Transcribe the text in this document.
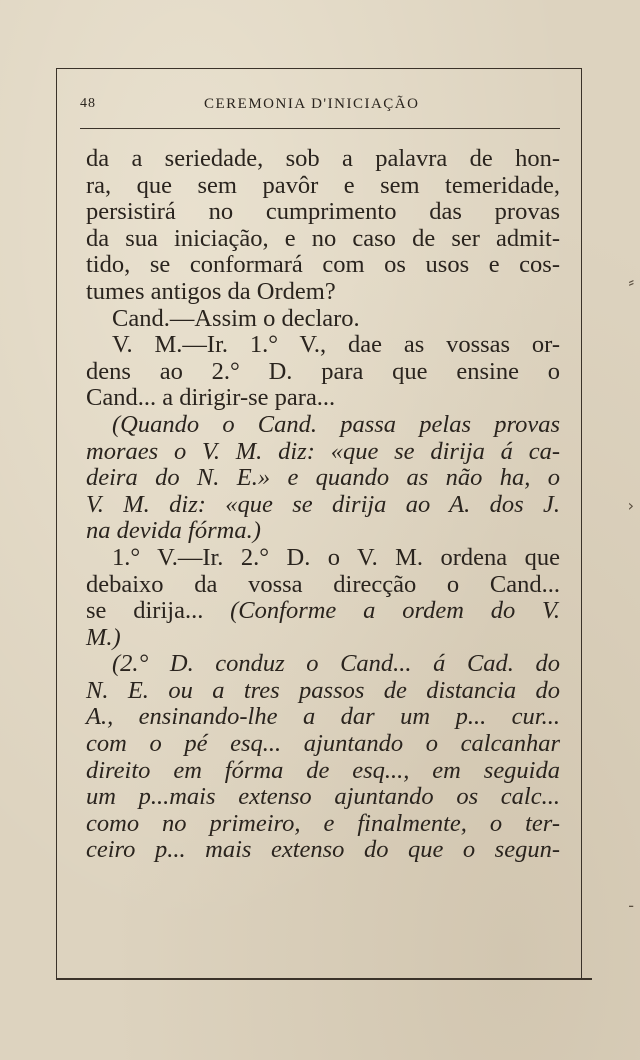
48	CEREMONIA D'INICIAÇÃO
da a seriedade, sob a palavra de hon-
ra, que sem pavôr e sem temeridade,
persistirá no cumprimento das provas
da sua iniciação, e no caso de ser admit-
tido, se conformará com os usos e cos-
tumes antigos da Ordem?
Cand.—Assim o declaro.
V. M.—Ir. 1.° V., dae as vossas or-
dens ao 2.° D. para que ensine o
Cand... a dirigir-se para...
(Quando o Cand. passa pelas provas
moraes o V. M. diz: «que se dirija á ca-
deira do N. E.» e quando as não ha, o
V. M. diz: «que se dirija ao A. dos J.
na devida fórma.)
1.° V.—Ir. 2.° D. o V. M. ordena que
debaixo da vossa direcção o Cand...
se dirija... (Conforme a ordem do V.
M.)
(2.° D. conduz o Cand... á Cad. do
N. E. ou a tres passos de distancia do
A., ensinando-lhe a dar um p... cur...
com o pé esq... ajuntando o calcanhar
direito em fórma de esq..., em seguida
um p...mais extenso ajuntando os calc...
como no primeiro, e finalmente, o ter-
ceiro p... mais extenso do que o segun-
⸗
›
‐
